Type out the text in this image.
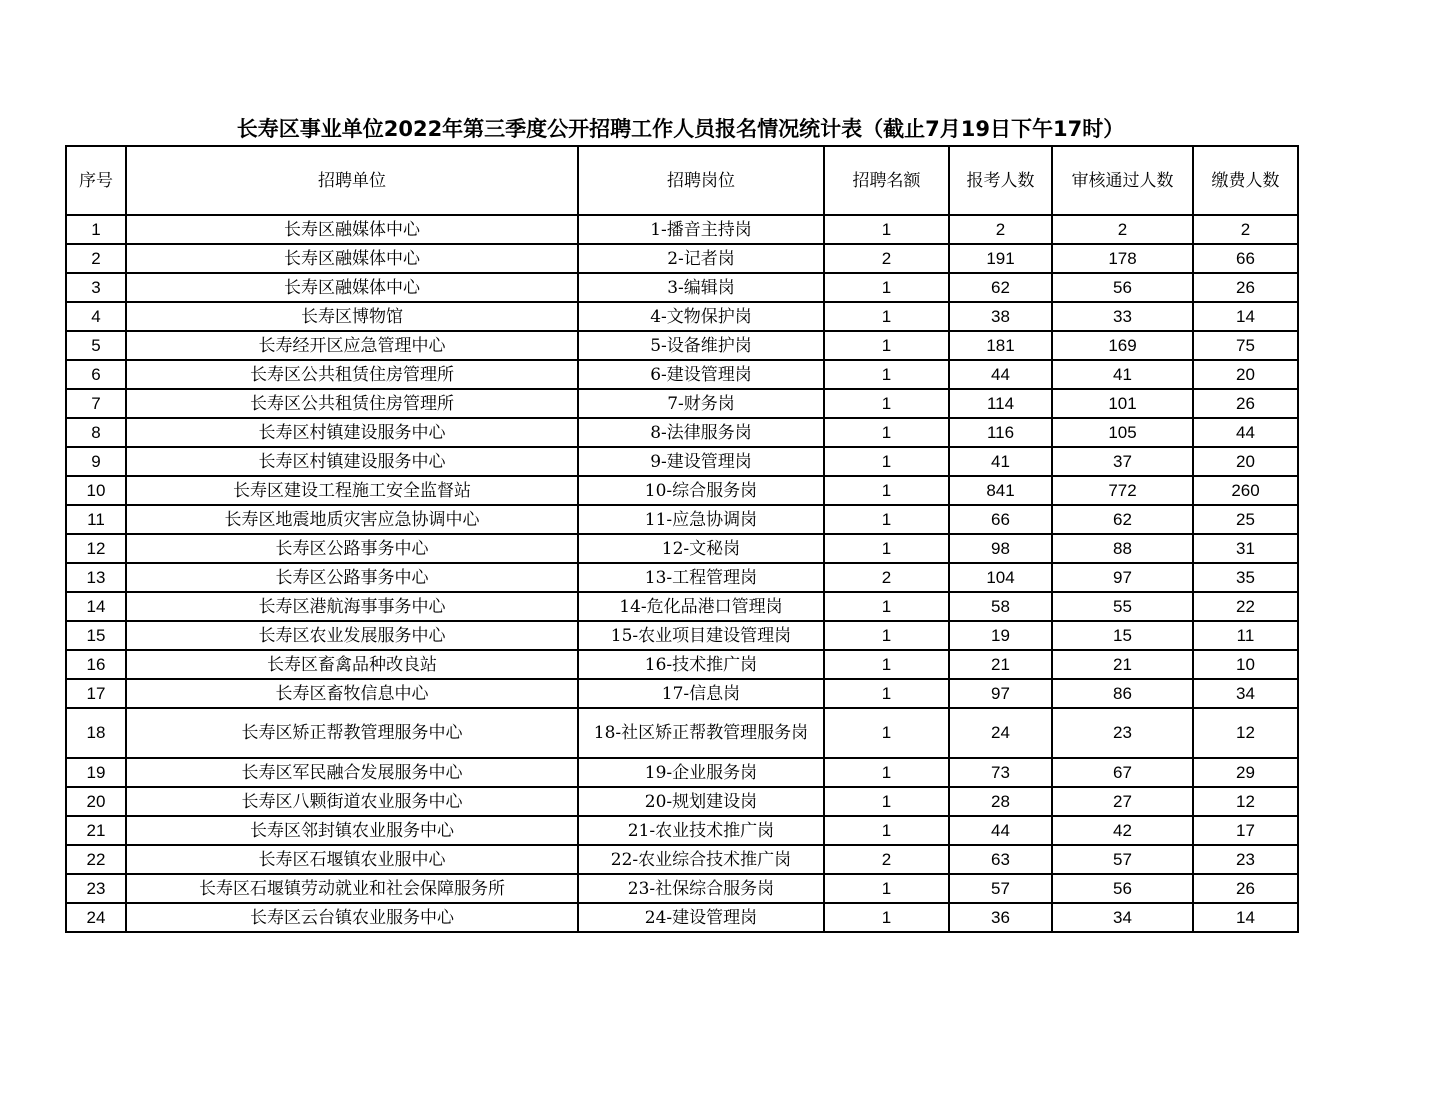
长寿区事业单位2022年第三季度公开招聘工作人员报名情况统计表（截止7月19日下午17时）
序号	招聘单位	招聘岗位	招聘名额	报考人数	审核通过人数	缴费人数
1	长寿区融媒体中心	1-播音主持岗	1	2	2	2
2	长寿区融媒体中心	2-记者岗	2	191	178	66
3	长寿区融媒体中心	3-编辑岗	1	62	56	26
4	长寿区博物馆	4-文物保护岗	1	38	33	14
5	长寿经开区应急管理中心	5-设备维护岗	1	181	169	75
6	长寿区公共租赁住房管理所	6-建设管理岗	1	44	41	20
7	长寿区公共租赁住房管理所	7-财务岗	1	114	101	26
8	长寿区村镇建设服务中心	8-法律服务岗	1	116	105	44
9	长寿区村镇建设服务中心	9-建设管理岗	1	41	37	20
10	长寿区建设工程施工安全监督站	10-综合服务岗	1	841	772	260
11	长寿区地震地质灾害应急协调中心	11-应急协调岗	1	66	62	25
12	长寿区公路事务中心	12-文秘岗	1	98	88	31
13	长寿区公路事务中心	13-工程管理岗	2	104	97	35
14	长寿区港航海事事务中心	14-危化品港口管理岗	1	58	55	22
15	长寿区农业发展服务中心	15-农业项目建设管理岗	1	19	15	11
16	长寿区畜禽品种改良站	16-技术推广岗	1	21	21	10
17	长寿区畜牧信息中心	17-信息岗	1	97	86	34
18	长寿区矫正帮教管理服务中心	18-社区矫正帮教管理服务岗	1	24	23	12
19	长寿区军民融合发展服务中心	19-企业服务岗	1	73	67	29
20	长寿区八颗街道农业服务中心	20-规划建设岗	1	28	27	12
21	长寿区邻封镇农业服务中心	21-农业技术推广岗	1	44	42	17
22	长寿区石堰镇农业服中心	22-农业综合技术推广岗	2	63	57	23
23	长寿区石堰镇劳动就业和社会保障服务所	23-社保综合服务岗	1	57	56	26
24	长寿区云台镇农业服务中心	24-建设管理岗	1	36	34	14
